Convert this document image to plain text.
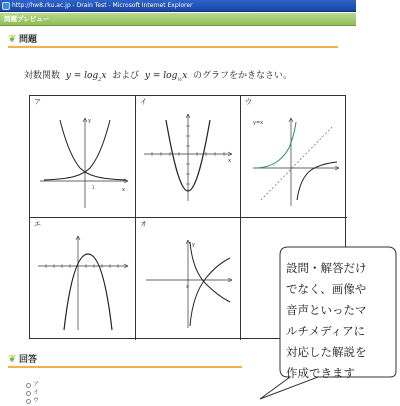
http://hw8.rku.ac.jp - Drain Test - Microsoft Internet Explorer
問題プレビュー
❦ 問題
対数関数  $y = \log_2x$  および  $y = \log_{\frac{1}{2}}x$  のグラフをかきなさい。
ア
x
y
1
イ
x
ウ
y=x
エ	オ
x
y
設問・解答だけ
でなく、画像や
音声といったマ
ルチメディアに
対応した解説を
作成できます
❦ 回答
ア
イ
ウ
